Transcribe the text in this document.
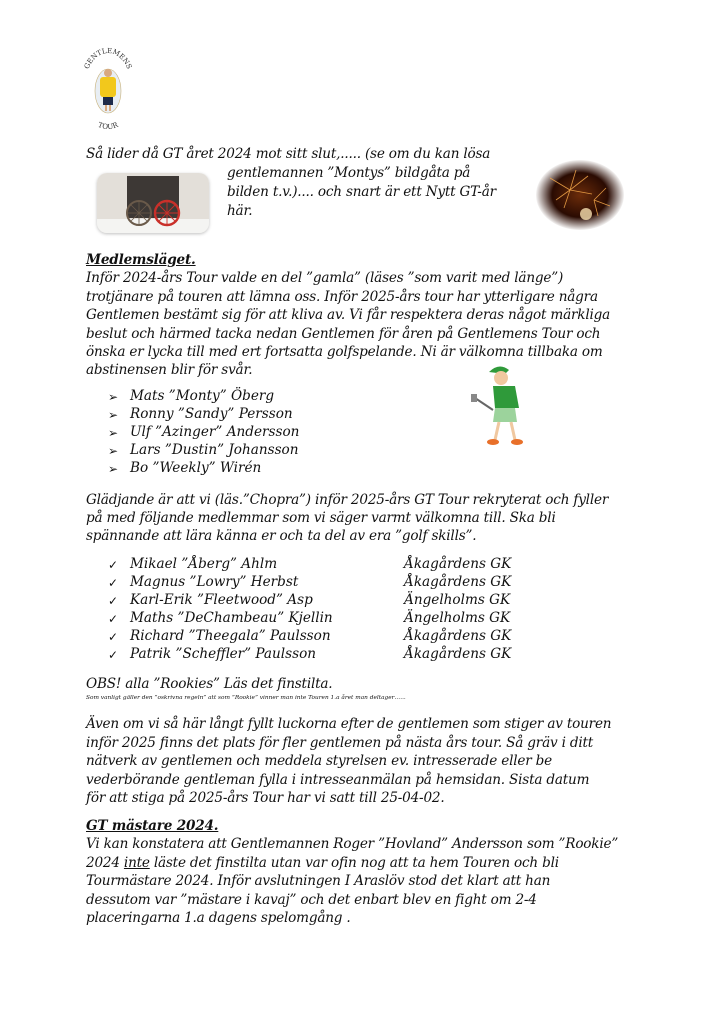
GENTLEMENS
TOUR
Så lider då GT året 2024 mot sitt slut,..... (se om du kan lösa
gentlemannen ”Montys” bildgåta på
bilden t.v.).... och snart är ett Nytt GT-år
här.
Medlemsläget.
Inför 2024-års Tour valde en del ”gamla” (läses ”som varit med länge”)
trotjänare på touren att lämna oss. Inför 2025-års tour har ytterligare några
Gentlemen bestämt sig för att kliva av. Vi får respektera deras något märkliga
beslut och härmed tacka nedan Gentlemen för åren på Gentlemens Tour och
önska er lycka till med ert fortsatta golfspelande. Ni är välkomna tillbaka om
abstinensen blir för svår.
➢ Mats ”Monty” Öberg
➢ Ronny ”Sandy” Persson
➢ Ulf ”Azinger” Andersson
➢ Lars ”Dustin” Johansson
➢ Bo ”Weekly” Wirén
Glädjande är att vi (läs.”Chopra”) inför 2025-års GT Tour rekryterat och fyller
på med följande medlemmar som vi säger varmt välkomna till. Ska bli
spännande att lära känna er och ta del av era ”golf skills”.
✓ Mikael ”Åberg” Ahlm	Åkagårdens GK
✓ Magnus ”Lowry” Herbst	Åkagårdens GK
✓ Karl-Erik ”Fleetwood” Asp	Ängelholms GK
✓ Maths ”DeChambeau” Kjellin	Ängelholms GK
✓ Richard ”Theegala” Paulsson	Åkagårdens GK
✓ Patrik ”Scheffler” Paulsson	Åkagårdens GK
OBS! alla ”Rookies” Läs det finstilta.
Som vanligt gäller den ”oskrivna regeln” att som ”Rookie” vinner man inte Touren 1.a året man deltager…...
Även om vi så här långt fyllt luckorna efter de gentlemen som stiger av touren
inför 2025 finns det plats för fler gentlemen på nästa års tour. Så gräv i ditt
nätverk av gentlemen och meddela styrelsen ev. intresserade eller be
vederbörande gentleman fylla i intresseanmälan på hemsidan. Sista datum
för att stiga på 2025-års Tour har vi satt till 25-04-02.
GT mästare 2024.
Vi kan konstatera att Gentlemannen Roger ”Hovland” Andersson som ”Rookie”
2024 inte läste det finstilta utan var ofin nog att ta hem Touren och bli
Tourmästare 2024. Inför avslutningen I Araslöv stod det klart att han
dessutom var ”mästare i kavaj” och det enbart blev en fight om 2-4
placeringarna 1.a dagens spelomgång .
